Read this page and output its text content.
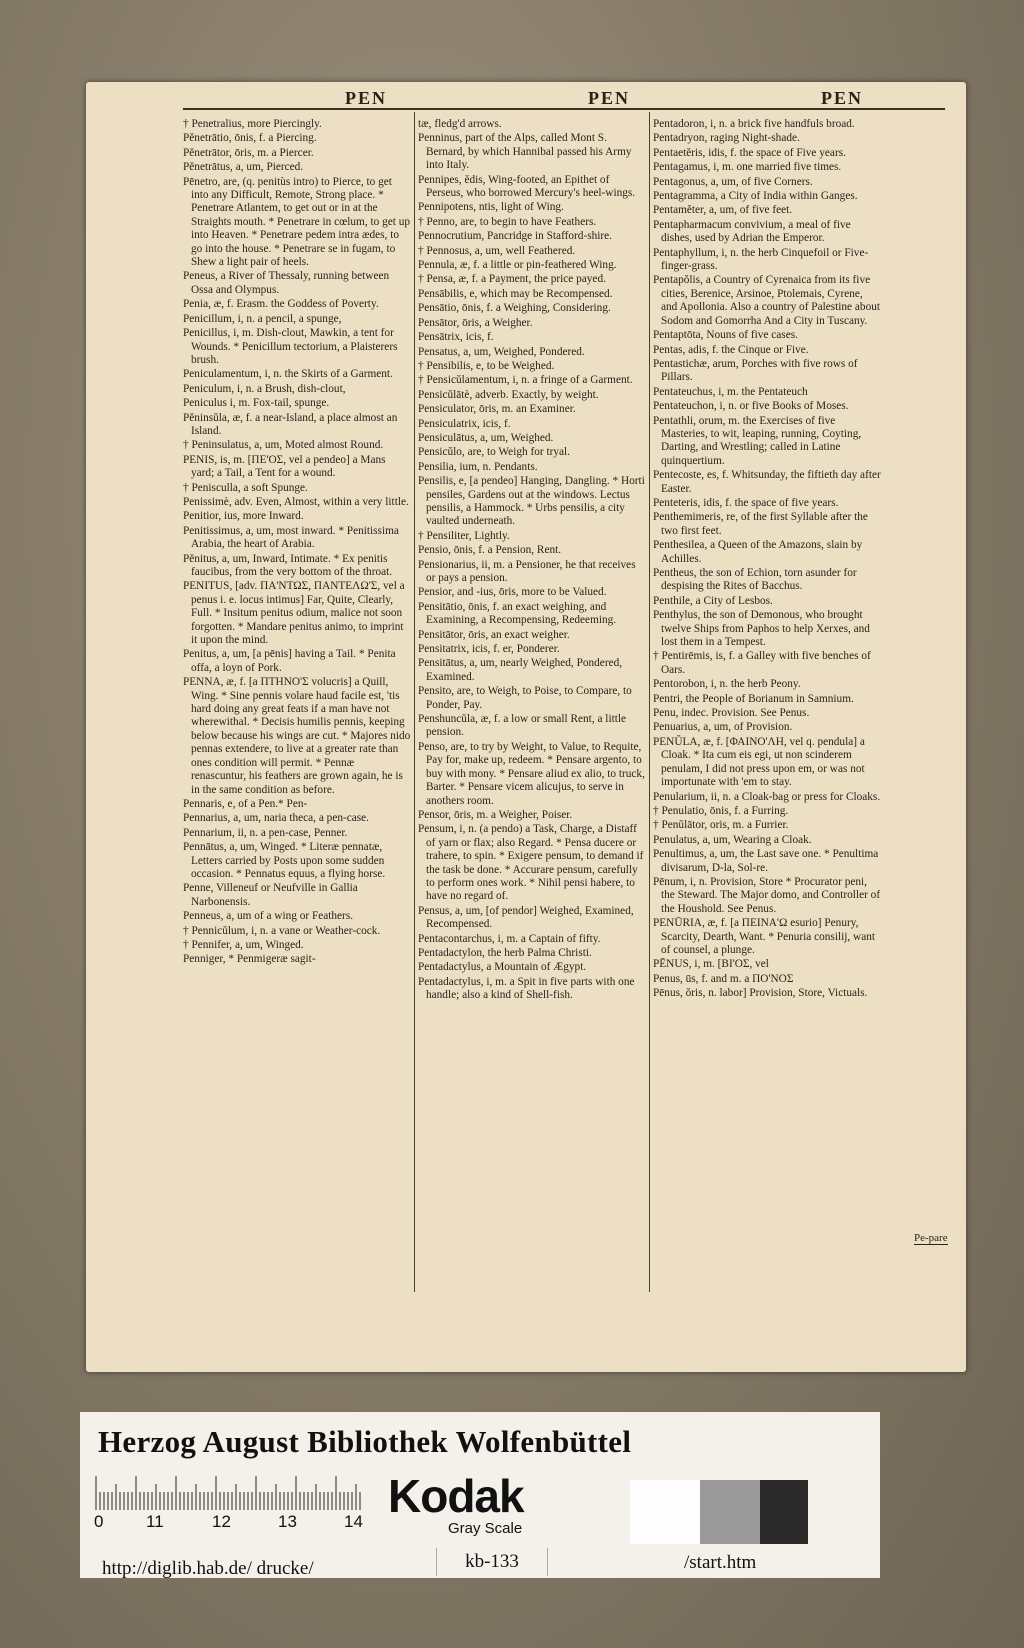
PEN	PEN	PEN

† Penetralius, more Piercingly.

Pěnetrātio, ōnis, f. a Piercing.

Pěnetrātor, ōris, m. a Piercer.

Pěnetrātus, a, um, Pierced.

Pēnetro, are, (q. penitùs intro) to Pierce, to get into any Difficult, Remote, Strong place. * Penetrare Atlantem, to get out or in at the Straights mouth. * Penetrare in cœlum, to get up into Heaven. * Penetrare pedem intra ædes, to go into the house. * Penetrare se in fugam, to Shew a light pair of heels.

Peneus, a River of Thessaly, running between Ossa and Olympus.

Penia, æ, f. Erasm. the Goddess of Poverty.

Penicillum, i, n. a pencil, a spunge,

Penicillus, i, m. Dish-clout, Mawkin, a tent for Wounds. * Penicillum tectorium, a Plaisterers brush.

Peniculamentum, i, n. the Skirts of a Garment.

Peniculum, i, n. a Brush, dish-clout,

Peniculus i, m. Fox-tail, spunge.

Pěninsŭla, æ, f. a near-Island, a place almost an Island.

† Peninsulatus, a, um, Moted almost Round.

PENIS, is, m. [ΠΕ'ΟΣ, vel a pendeo] a Mans yard; a Tail, a Tent for a wound.

† Penisculla, a soft Spunge.

Penissimè, adv. Even, Almost, within a very little.

Penitior, ius, more Inward.

Penitissimus, a, um, most inward. * Penitissima Arabia, the heart of Arabia.

Pěnitus, a, um, Inward, Intimate. * Ex penitis faucibus, from the very bottom of the throat.

PENITUS, [adv. ΠΑ'ΝΤΩΣ, ΠΑΝΤΕΛΩ'Σ, vel a penus i. e. locus intimus] Far, Quite, Clearly, Full. * Insitum penitus odium, malice not soon forgotten. * Mandare penitus animo, to imprint it upon the mind.

Penitus, a, um, [a pēnis] having a Tail. * Penita offa, a loyn of Pork.

PENNA, æ, f. [a ΠΤΗΝΟ'Σ volucris] a Quill, Wing. * Sine pennis volare haud facile est, 'tis hard doing any great feats if a man have not wherewithal. * Decisis humilis pennis, keeping below because his wings are cut. * Majores nido pennas extendere, to live at a greater rate than ones condition will permit. * Pennæ renascuntur, his feathers are grown again, he is in the same condition as before.

Pennaris, e, of a Pen.* Pen-

Pennarius, a, um, naria theca, a pen-case.

Pennarium, ii, n. a pen-case, Penner.

Pennātus, a, um, Winged. * Literæ pennatæ, Letters carried by Posts upon some sudden occasion. * Pennatus equus, a flying horse.

Penne, Villeneuf or Neufville in Gallia Narbonensis.

Penneus, a, um of a wing or Feathers.

† Pennicŭlum, i, n. a vane or Weather-cock.

† Pennifer, a, um, Winged.

Penniger, * Penmigeræ sagit-

tæ, fledg'd arrows.

Penninus, part of the Alps, called Mont S. Bernard, by which Hannibal passed his Army into Italy.

Pennipes, ĕdis, Wing-footed, an Epithet of Perseus, who borrowed Mercury's heel-wings.

Pennipotens, ntis, light of Wing.

† Penno, are, to begin to have Feathers.

Pennocrutium, Pancridge in Stafford-shire.

† Pennosus, a, um, well Feathered.

Pennula, æ, f. a little or pin-feathered Wing.

† Pensa, æ, f. a Payment, the price payed.

Pensābilis, e, which may be Recompensed.

Pensātio, ōnis, f. a Weighing, Considering.

Pensātor, ōris, a Weigher.

Pensātrix, icis, f.

Pensatus, a, um, Weighed, Pondered.

† Pensibilis, e, to be Weighed.

† Pensicŭlamentum, i, n. a fringe of a Garment.

Pensicŭlātè, adverb. Exactly, by weight.

Pensiculator, ōris, m. an Examiner.

Pensiculatrix, icis, f.

Pensiculātus, a, um, Weighed.

Pensicŭlo, are, to Weigh for tryal.

Pensilia, ium, n. Pendants.

Pensilis, e, [a pendeo] Hanging, Dangling. * Horti pensiles, Gardens out at the windows. Lectus pensilis, a Hammock. * Urbs pensilis, a city vaulted underneath.

† Pensiliter, Lightly.

Pensio, ōnis, f. a Pension, Rent.

Pensionarius, ii, m. a Pensioner, he that receives or pays a pension.

Pensior, and -ius, ōris, more to be Valued.

Pensitātio, ōnis, f. an exact weighing, and Examining, a Recompensing, Redeeming.

Pensitātor, ōris, an exact weigher.

Pensitatrix, icis, f. er, Ponderer.

Pensitātus, a, um, nearly Weighed, Pondered, Examined.

Pensito, are, to Weigh, to Poise, to Compare, to Ponder, Pay.

Penshuncŭla, æ, f. a low or small Rent, a little pension.

Penso, are, to try by Weight, to Value, to Requite, Pay for, make up, redeem. * Pensare argento, to buy with mony. * Pensare aliud ex alio, to truck, Barter. * Pensare vicem alicujus, to serve in anothers room.

Pensor, ōris, m. a Weigher, Poiser.

Pensum, i, n. (a pendo) a Task, Charge, a Distaff of yarn or flax; also Regard. * Pensa ducere or trahere, to spin. * Exigere pensum, to demand if the task be done. * Accurare pensum, carefully to perform ones work. * Nihil pensi habere, to have no regard of.

Pensus, a, um, [of pendor] Weighed, Examined, Recompensed.

Pentacontarchus, i, m. a Captain of fifty.

Pentadactylon, the herb Palma Christi.

Pentadactylus, a Mountain of Ægypt.

Pentadactylus, i, m. a Spit in five parts with one handle; also a kind of Shell-fish.

Pentadoron, i, n. a brick five handfuls broad.

Pentadryon, raging Night-shade.

Pentaetĕris, idis, f. the space of Five years.

Pentagamus, i, m. one married five times.

Pentagonus, a, um, of five Corners.

Pentagramma, a City of India within Ganges.

Pentamĕter, a, um, of five feet.

Pentapharmacum convivium, a meal of five dishes, used by Adrian the Emperor.

Pentaphyllum, i, n. the herb Cinquefoil or Five-finger-grass.

Pentapŏlis, a Country of Cyrenaica from its five cities, Berenice, Arsinoe, Ptolemais, Cyrene, and Apollonia. Also a country of Palestine about Sodom and Gomorrha And a City in Tuscany.

Pentaptōta, Nouns of five cases.

Pentas, adis, f. the Cinque or Five.

Pentastichæ, arum, Porches with five rows of Pillars.

Pentateuchus, i, m. the Pentateuch

Pentateuchon, i, n. or five Books of Moses.

Pentathli, orum, m. the Exercises of five Masteries, to wit, leaping, running, Coyting, Darting, and Wrestling; called in Latine quinquertium.

Pentecoste, es, f. Whitsunday, the fiftieth day after Easter.

Penteteris, idis, f. the space of five years.

Penthemimeris, re, of the first Syllable after the two first feet.

Penthesilea, a Queen of the Amazons, slain by Achilles.

Pentheus, the son of Echion, torn asunder for despising the Rites of Bacchus.

Penthile, a City of Lesbos.

Penthylus, the son of Demonous, who brought twelve Ships from Paphos to help Xerxes, and lost them in a Tempest.

† Pentirēmis, is, f. a Galley with five benches of Oars.

Pentorobon, i, n. the herb Peony.

Pentri, the People of Borianum in Samnium.

Penu, indec. Provision. See Penus.

Penuarius, a, um, of Provision.

PENŬLA, æ, f. [ΦΑΙΝΟ'ΛΗ, vel q. pendula] a Cloak. * Ita cum eis egi, ut non scinderem penulam, I did not press upon em, or was not importunate with 'em to stay.

Penularium, ii, n. a Cloak-bag or press for Cloaks.

† Penulatio, ōnis, f. a Furring.

† Penŭlātor, oris, m. a Furrier.

Penulatus, a, um, Wearing a Cloak.

Penultimus, a, um, the Last save one. * Penultima divisarum, D-la, Sol-re.

Pēnum, i, n. Provision, Store * Procurator peni, the Steward. The Major domo, and Controller of the Houshold. See Penus.

PENŪRIA, æ, f. [a ΠΕΙΝΑ'Ω esurio] Penury, Scarcity, Dearth, Want. * Penuria consilij, want of counsel, a plunge.

PĒNUS, i, m. [ΒΙ'ΟΣ, vel

Penus, ūs, f. and m. a ΠΟ'ΝΟΣ

Pēnus, ŏris, n. labor] Provision, Store, Victuals.

Pe-pare
Herzog August Bibliothek Wolfenbüttel
0	11	12	13	14 Kodak
Gray Scale
http://diglib.hab.de/ drucke/	kb-133	/start.htm
